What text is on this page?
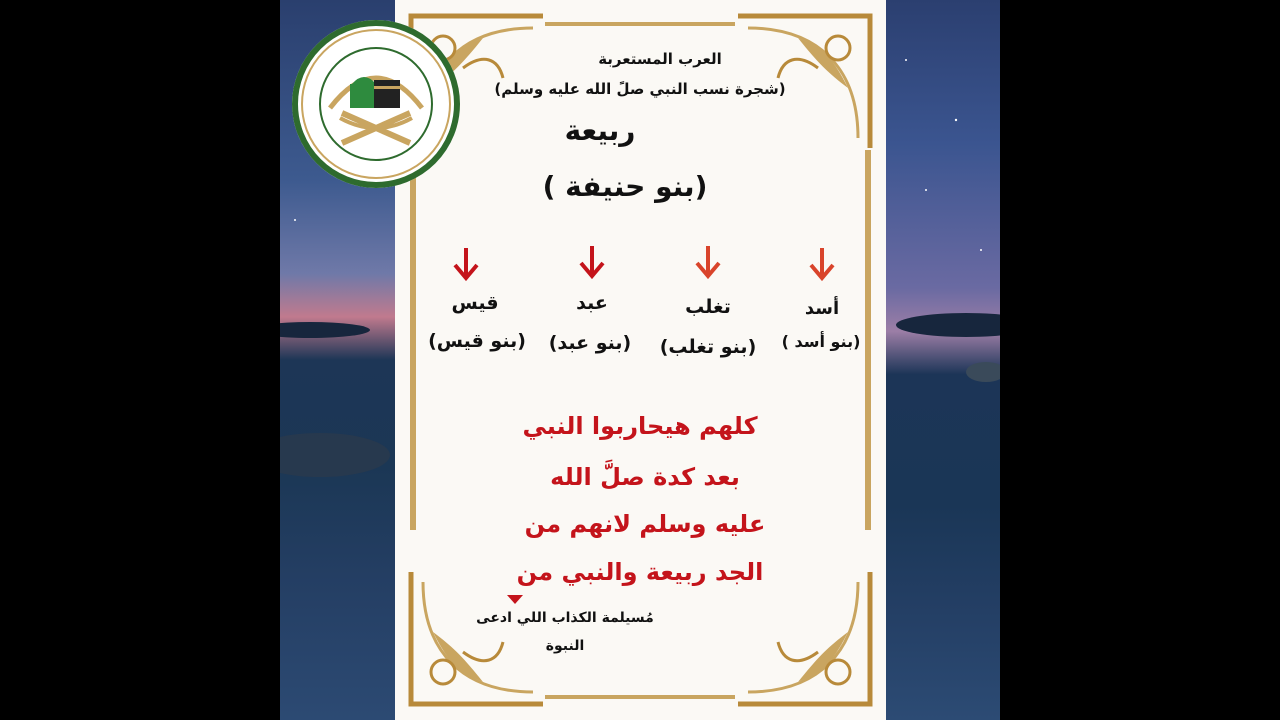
العرب المستعربة
(شجرة نسب النبي صلً الله عليه وسلم)
ربيعة
(بنو حنيفة )
أسد
(بنو أسد )
تغلب
(بنو تغلب)
عبد
(بنو عبد)
قيس
(بنو قيس)
كلهم هيحاربوا النبي
بعد كدة صلَّ الله
عليه وسلم لانهم من
الجد ربيعة والنبي من
مُسيلمة الكذاب اللي ادعى
النبوة
